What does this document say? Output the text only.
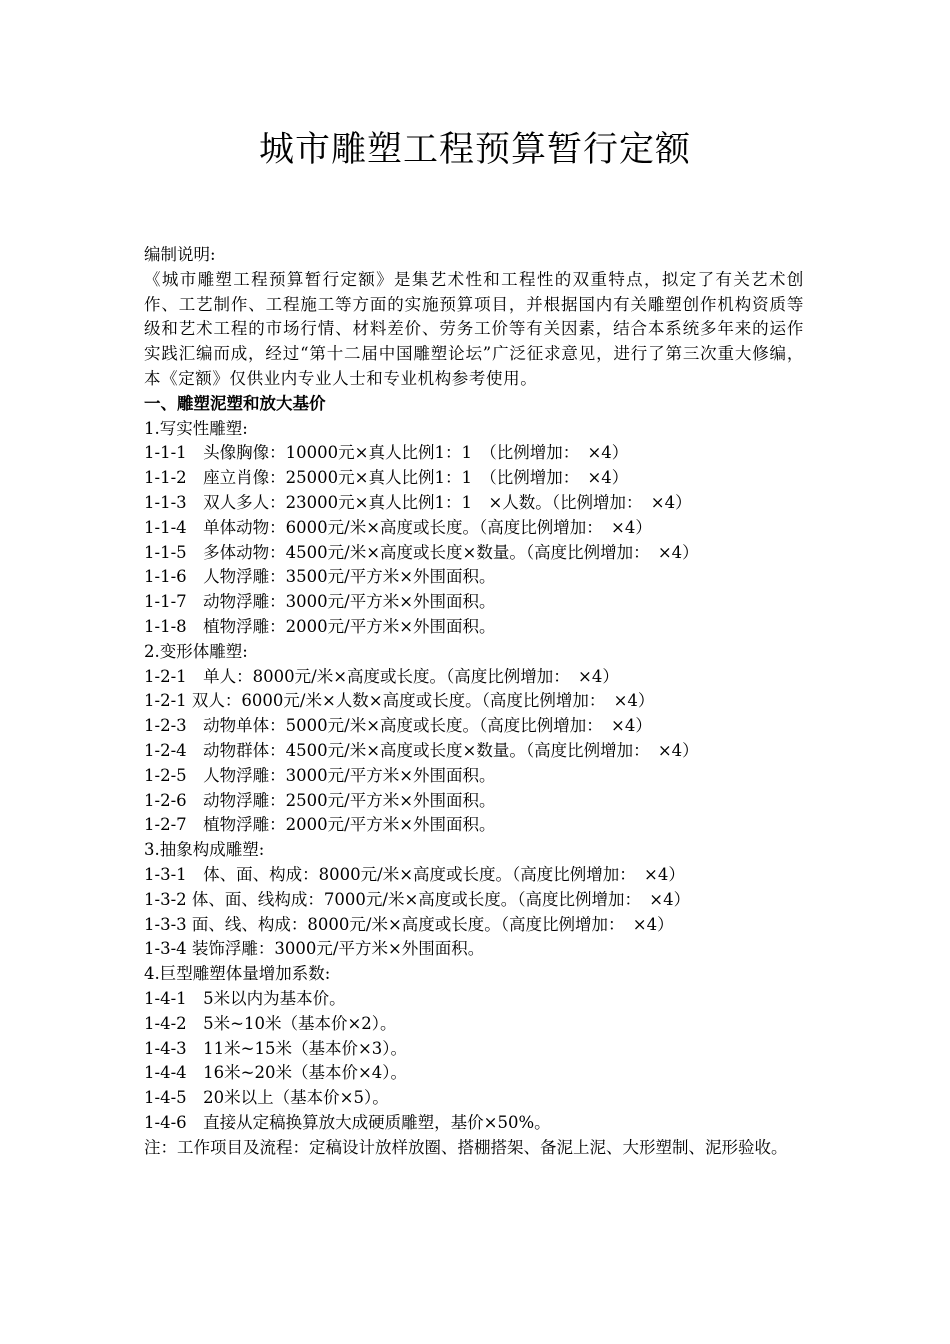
城市雕塑工程预算暂行定额

编制说明:

《城市雕塑工程预算暂行定额》是集艺术性和工程性的双重特点，拟定了有关艺术创作、工艺制作、工程施工等方面的实施预算项目，并根据国内有关雕塑创作机构资质等级和艺术工程的市场行情、材料差价、劳务工价等有关因素，结合本系统多年来的运作实践汇编而成，经过“第十二届中国雕塑论坛”广泛征求意见，进行了第三次重大修编，本《定额》仅供业内专业人士和专业机构参考使用。

一、雕塑泥塑和放大基价

1.写实性雕塑:

1-1-1　头像胸像：10000元×真人比例1：1　（比例增加：　×4）

1-1-2　座立肖像：25000元×真人比例1：1　（比例增加：　×4）

1-1-3　双人多人：23000元×真人比例1：1　×人数。（比例增加：　×4）

1-1-4　单体动物：6000元/米×高度或长度。（高度比例增加：　×4）

1-1-5　多体动物：4500元/米×高度或长度×数量。（高度比例增加：　×4）

1-1-6　人物浮雕：3500元/平方米×外围面积。

1-1-7　动物浮雕：3000元/平方米×外围面积。

1-1-8　植物浮雕：2000元/平方米×外围面积。

2.变形体雕塑:

1-2-1　单人：8000元/米×高度或长度。（高度比例增加：　×4）

1-2-1 双人：6000元/米×人数×高度或长度。（高度比例增加：　×4）

1-2-3　动物单体：5000元/米×高度或长度。（高度比例增加：　×4）

1-2-4　动物群体：4500元/米×高度或长度×数量。（高度比例增加：　×4）

1-2-5　人物浮雕：3000元/平方米×外围面积。

1-2-6　动物浮雕：2500元/平方米×外围面积。

1-2-7　植物浮雕：2000元/平方米×外围面积。

3.抽象构成雕塑:

1-3-1　体、面、构成：8000元/米×高度或长度。（高度比例增加：　×4）

1-3-2 体、面、线构成：7000元/米×高度或长度。（高度比例增加：　×4）

1-3-3 面、线、构成：8000元/米×高度或长度。（高度比例增加：　×4）

1-3-4 装饰浮雕：3000元/平方米×外围面积。

4.巨型雕塑体量增加系数:

1-4-1　5米以内为基本价。

1-4-2　5米~10米（基本价×2）。

1-4-3　11米~15米（基本价×3）。

1-4-4　16米~20米（基本价×4）。

1-4-5　20米以上（基本价×5）。

1-4-6　直接从定稿换算放大成硬质雕塑，基价×50%。

注：工作项目及流程：定稿设计放样放圈、搭棚搭架、备泥上泥、大形塑制、泥形验收。
